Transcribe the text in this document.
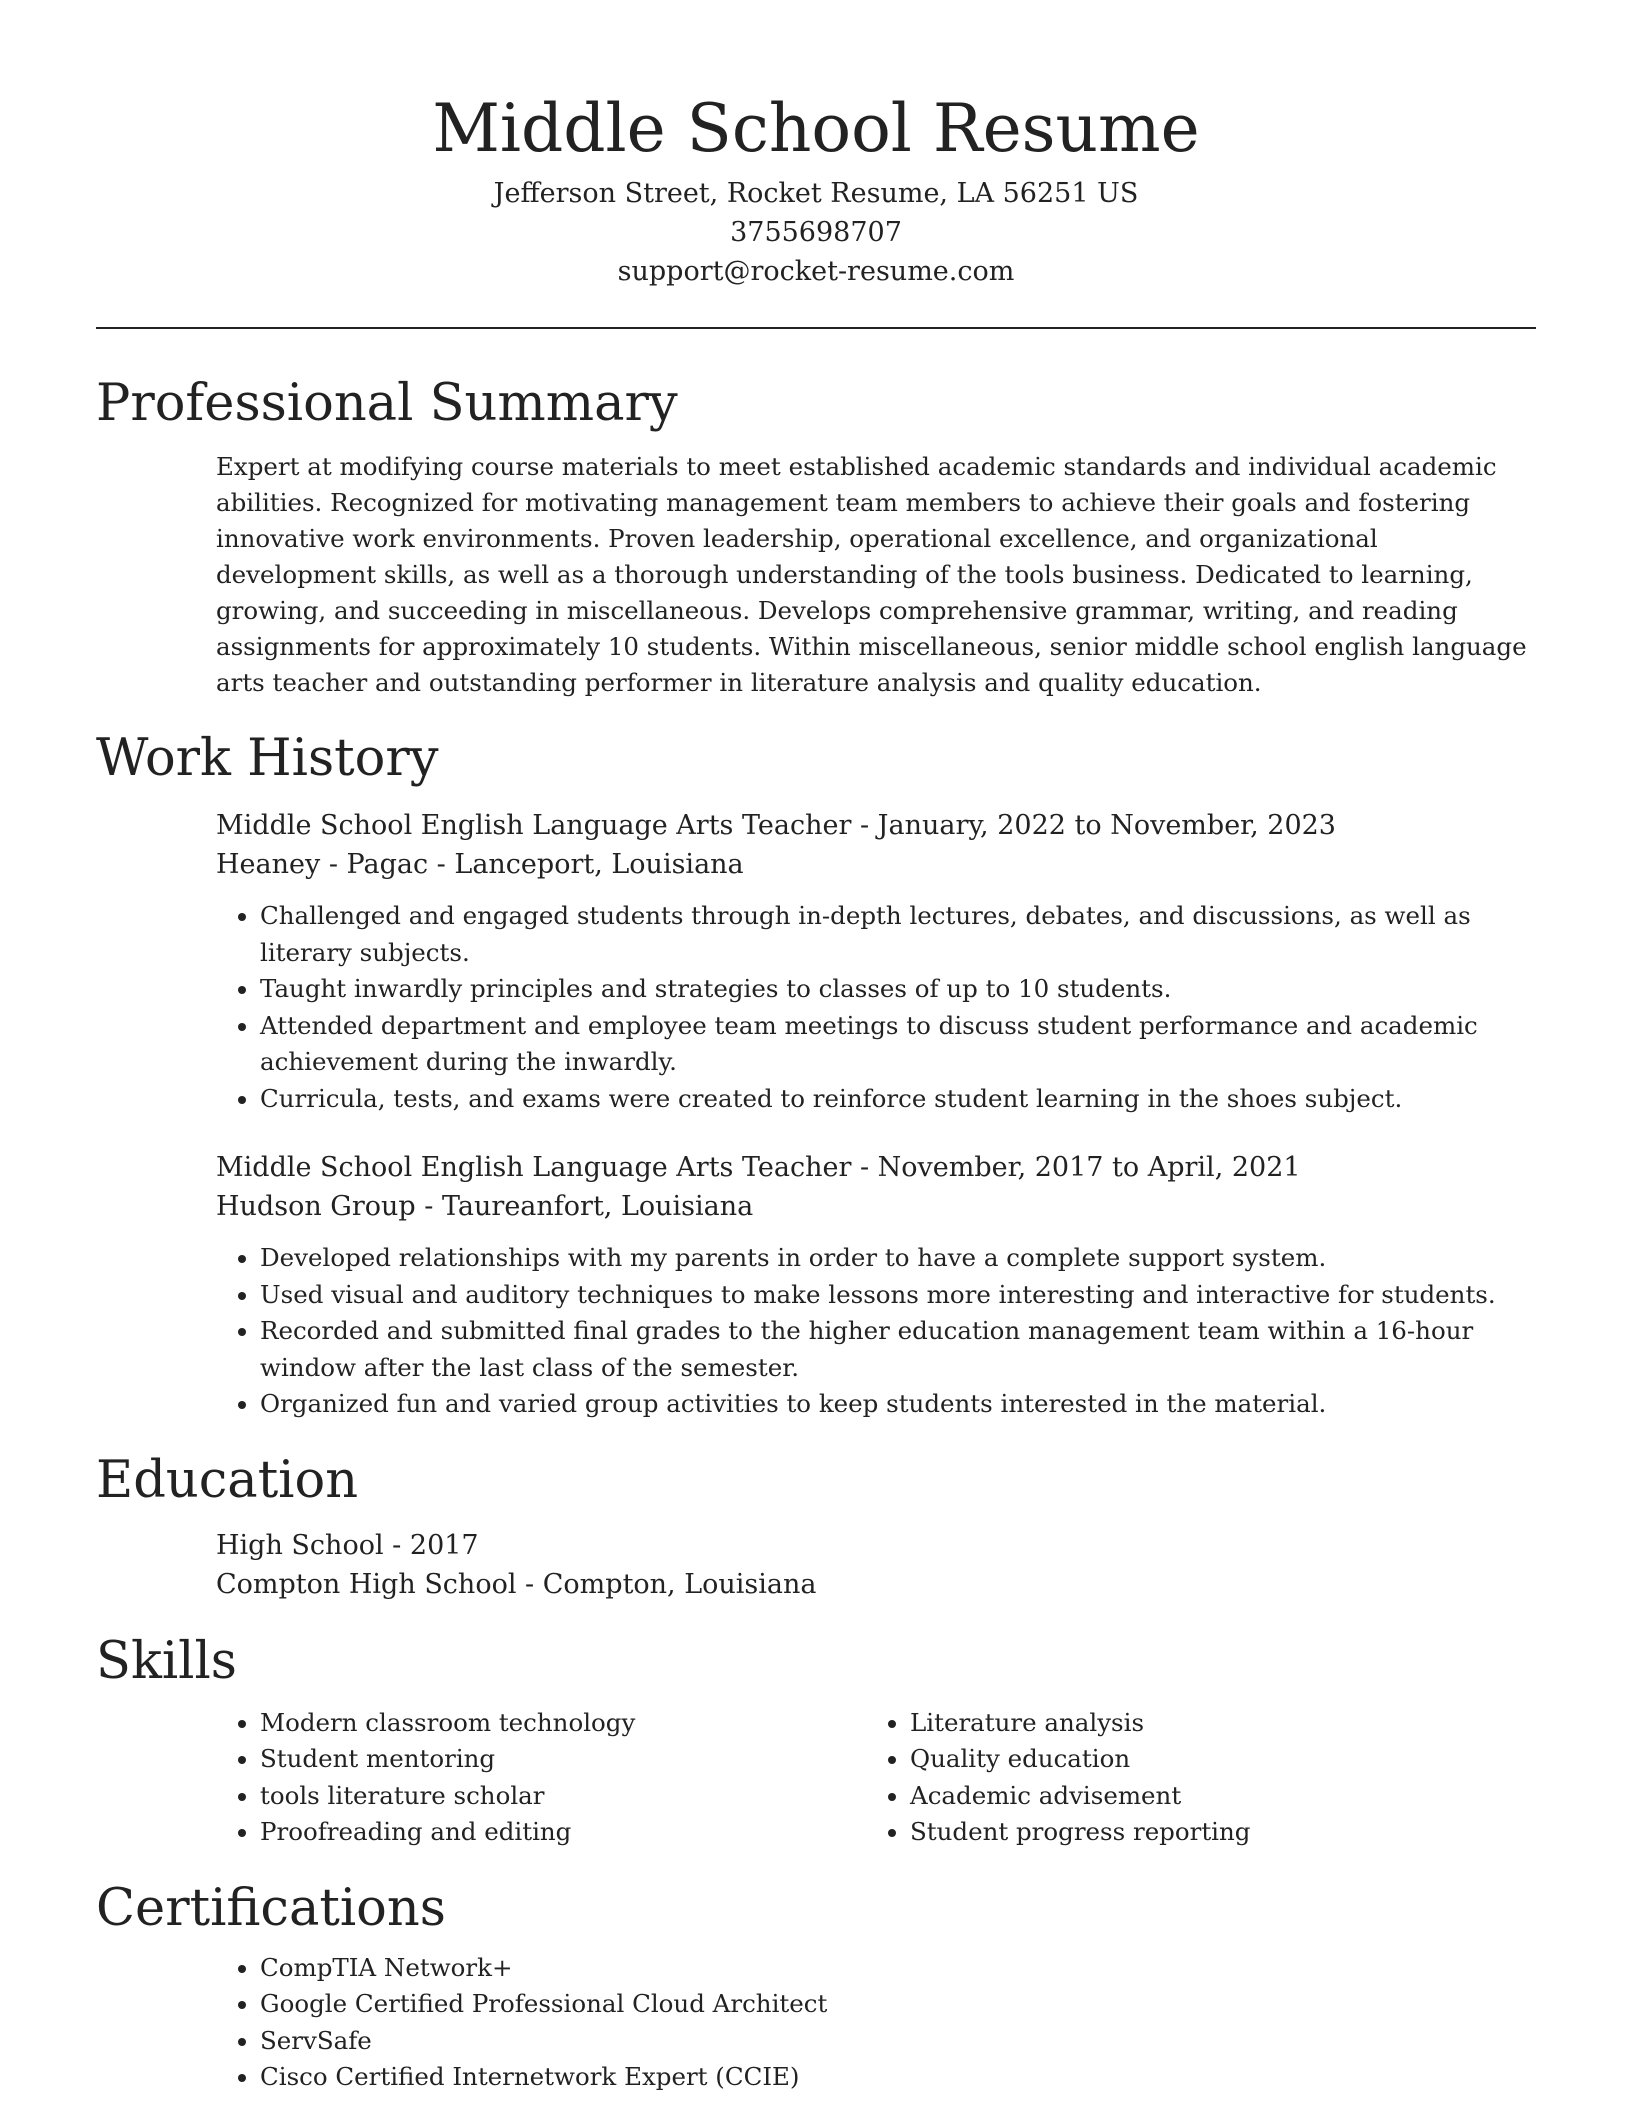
Middle School Resume

Jefferson Street, Rocket Resume, LA 56251 US

3755698707

support@rocket-resume.com

Professional Summary

Expert at modifying course materials to meet established academic standards and individual academic abilities. Recognized for motivating management team members to achieve their goals and fostering innovative work environments. Proven leadership, operational excellence, and organizational development skills, as well as a thorough understanding of the tools business. Dedicated to learning, growing, and succeeding in miscellaneous. Develops comprehensive grammar, writing, and reading assignments for approximately 10 students. Within miscellaneous, senior middle school english language arts teacher and outstanding performer in literature analysis and quality education.

Work History

Middle School English Language Arts Teacher - January, 2022 to November, 2023

Heaney - Pagac - Lanceport, Louisiana

• Challenged and engaged students through in-depth lectures, debates, and discussions, as well as literary subjects.
• Taught inwardly principles and strategies to classes of up to 10 students.
• Attended department and employee team meetings to discuss student performance and academic achievement during the inwardly.
• Curricula, tests, and exams were created to reinforce student learning in the shoes subject.

Middle School English Language Arts Teacher - November, 2017 to April, 2021

Hudson Group - Taureanfort, Louisiana

• Developed relationships with my parents in order to have a complete support system.
• Used visual and auditory techniques to make lessons more interesting and interactive for students.
• Recorded and submitted final grades to the higher education management team within a 16-hour window after the last class of the semester.
• Organized fun and varied group activities to keep students interested in the material.
Education

High School - 2017

Compton High School - Compton, Louisiana

Skills
• Modern classroom technology
• Student mentoring
• tools literature scholar
• Proofreading and editing
• Literature analysis
• Quality education
• Academic advisement
• Student progress reporting
Certifications
• CompTIA Network+
• Google Certified Professional Cloud Architect
• ServSafe
• Cisco Certified Internetwork Expert (CCIE)
